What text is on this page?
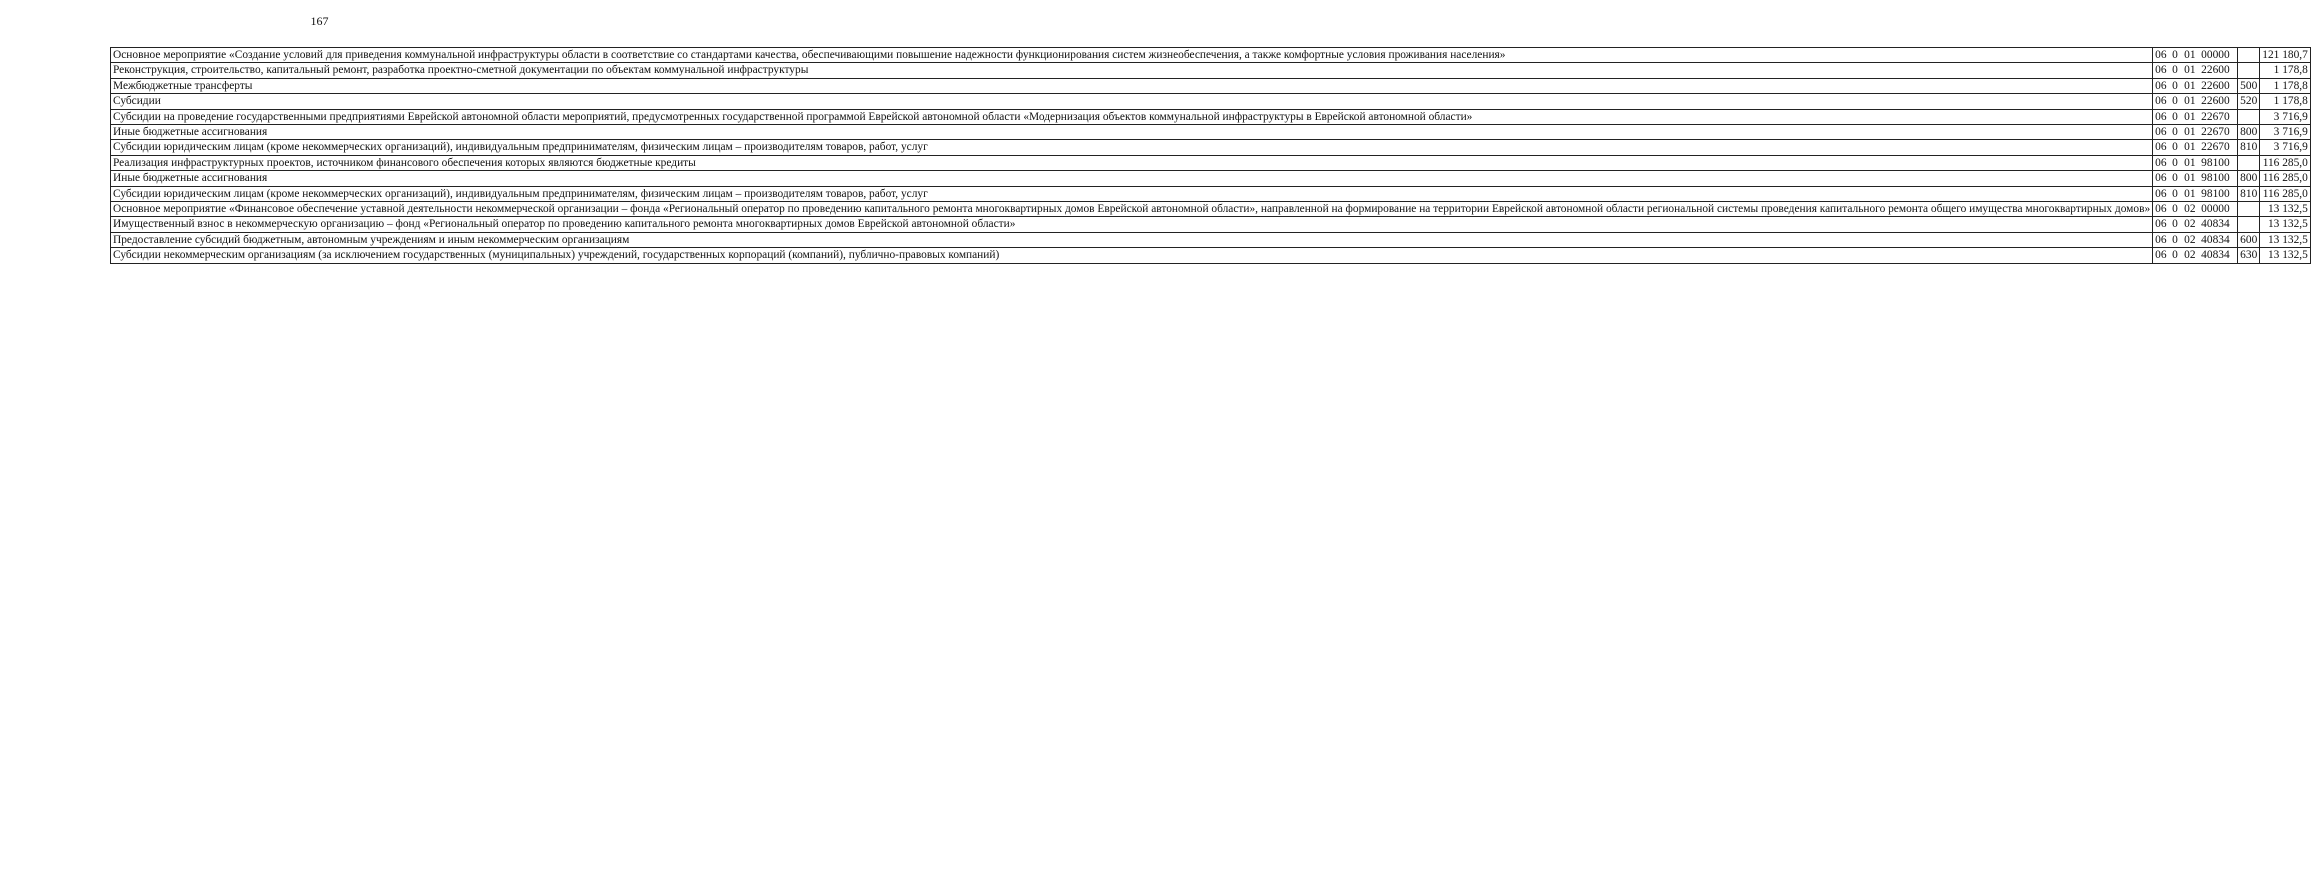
167
Основное мероприятие «Создание условий для приведения коммунальной инфраструктуры области в соответствие со стандартами качества, обеспечивающими повышение надежности функционирования систем жизнеобеспечения, а также комфортные условия проживания населения»	06 0 01 00000		121 180,7
Реконструкция, строительство, капитальный ремонт, разработка проектно-сметной документации по объектам коммунальной инфраструктуры	06 0 01 22600		1 178,8
Межбюджетные трансферты	06 0 01 22600	500	1 178,8
Субсидии	06 0 01 22600	520	1 178,8
Субсидии на проведение государственными предприятиями Еврейской автономной области мероприятий, предусмотренных государственной программой Еврейской автономной области «Модернизация объектов коммунальной инфраструктуры в Еврейской автономной области»	06 0 01 22670		3 716,9
Иные бюджетные ассигнования	06 0 01 22670	800	3 716,9
Субсидии юридическим лицам (кроме некоммерческих организаций), индивидуальным предпринимателям, физическим лицам – производителям товаров, работ, услуг	06 0 01 22670	810	3 716,9
Реализация инфраструктурных проектов, источником финансового обеспечения которых являются бюджетные кредиты	06 0 01 98100		116 285,0
Иные бюджетные ассигнования	06 0 01 98100	800	116 285,0
Субсидии юридическим лицам (кроме некоммерческих организаций), индивидуальным предпринимателям, физическим лицам – производителям товаров, работ, услуг	06 0 01 98100	810	116 285,0
Основное мероприятие «Финансовое обеспечение уставной деятельности некоммерческой организации – фонда «Региональный оператор по проведению капитального ремонта многоквартирных домов Еврейской автономной области», направленной на формирование на территории Еврейской автономной области региональной системы проведения капитального ремонта общего имущества многоквартирных домов»	06 0 02 00000		13 132,5
Имущественный взнос в некоммерческую организацию – фонд «Региональный оператор по проведению капитального ремонта многоквартирных домов Еврейской автономной области»	06 0 02 40834		13 132,5
Предоставление субсидий бюджетным, автономным учреждениям и иным некоммерческим организациям	06 0 02 40834	600	13 132,5
Субсидии некоммерческим организациям (за исключением государственных (муниципальных) учреждений, государственных корпораций (компаний), публично-правовых компаний)	06 0 02 40834	630	13 132,5
